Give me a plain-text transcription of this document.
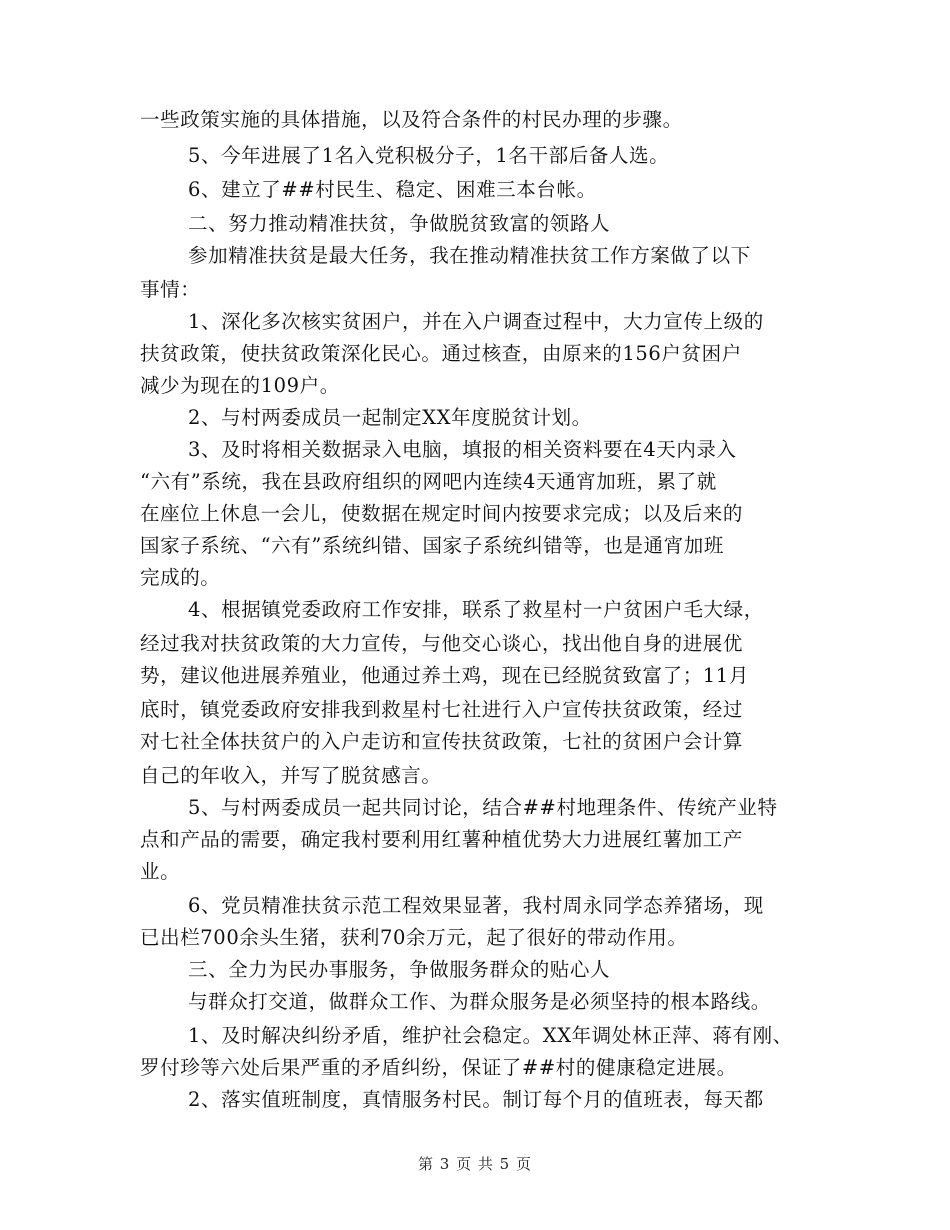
一些政策实施的具体措施，以及符合条件的村民办理的步骤。
5、今年进展了1名入党积极分子，1名干部后备人选。
6、建立了##村民生、稳定、困难三本台帐。
二、努力推动精准扶贫，争做脱贫致富的领路人
参加精准扶贫是最大任务，我在推动精准扶贫工作方案做了以下
事情：
1、深化多次核实贫困户，并在入户调查过程中，大力宣传上级的
扶贫政策，使扶贫政策深化民心。通过核查，由原来的156户贫困户
减少为现在的109户。
2、与村两委成员一起制定XX年度脱贫计划。
3、及时将相关数据录入电脑，填报的相关资料要在4天内录入
“六有”系统，我在县政府组织的网吧内连续4天通宵加班，累了就
在座位上休息一会儿，使数据在规定时间内按要求完成；以及后来的
国家子系统、“六有”系统纠错、国家子系统纠错等，也是通宵加班
完成的。
4、根据镇党委政府工作安排，联系了救星村一户贫困户毛大绿，
经过我对扶贫政策的大力宣传，与他交心谈心，找出他自身的进展优
势，建议他进展养殖业，他通过养土鸡，现在已经脱贫致富了；11月
底时，镇党委政府安排我到救星村七社进行入户宣传扶贫政策，经过
对七社全体扶贫户的入户走访和宣传扶贫政策，七社的贫困户会计算
自己的年收入，并写了脱贫感言。
5、与村两委成员一起共同讨论，结合##村地理条件、传统产业特
点和产品的需要，确定我村要利用红薯种植优势大力进展红薯加工产
业。
6、党员精准扶贫示范工程效果显著，我村周永同学态养猪场，现
已出栏700余头生猪，获利70余万元，起了很好的带动作用。
三、全力为民办事服务，争做服务群众的贴心人
与群众打交道，做群众工作、为群众服务是必须坚持的根本路线。
1、及时解决纠纷矛盾，维护社会稳定。XX年调处林正萍、蒋有刚、
罗付珍等六处后果严重的矛盾纠纷，保证了##村的健康稳定进展。
2、落实值班制度，真情服务村民。制订每个月的值班表，每天都
第 3 页 共 5 页
